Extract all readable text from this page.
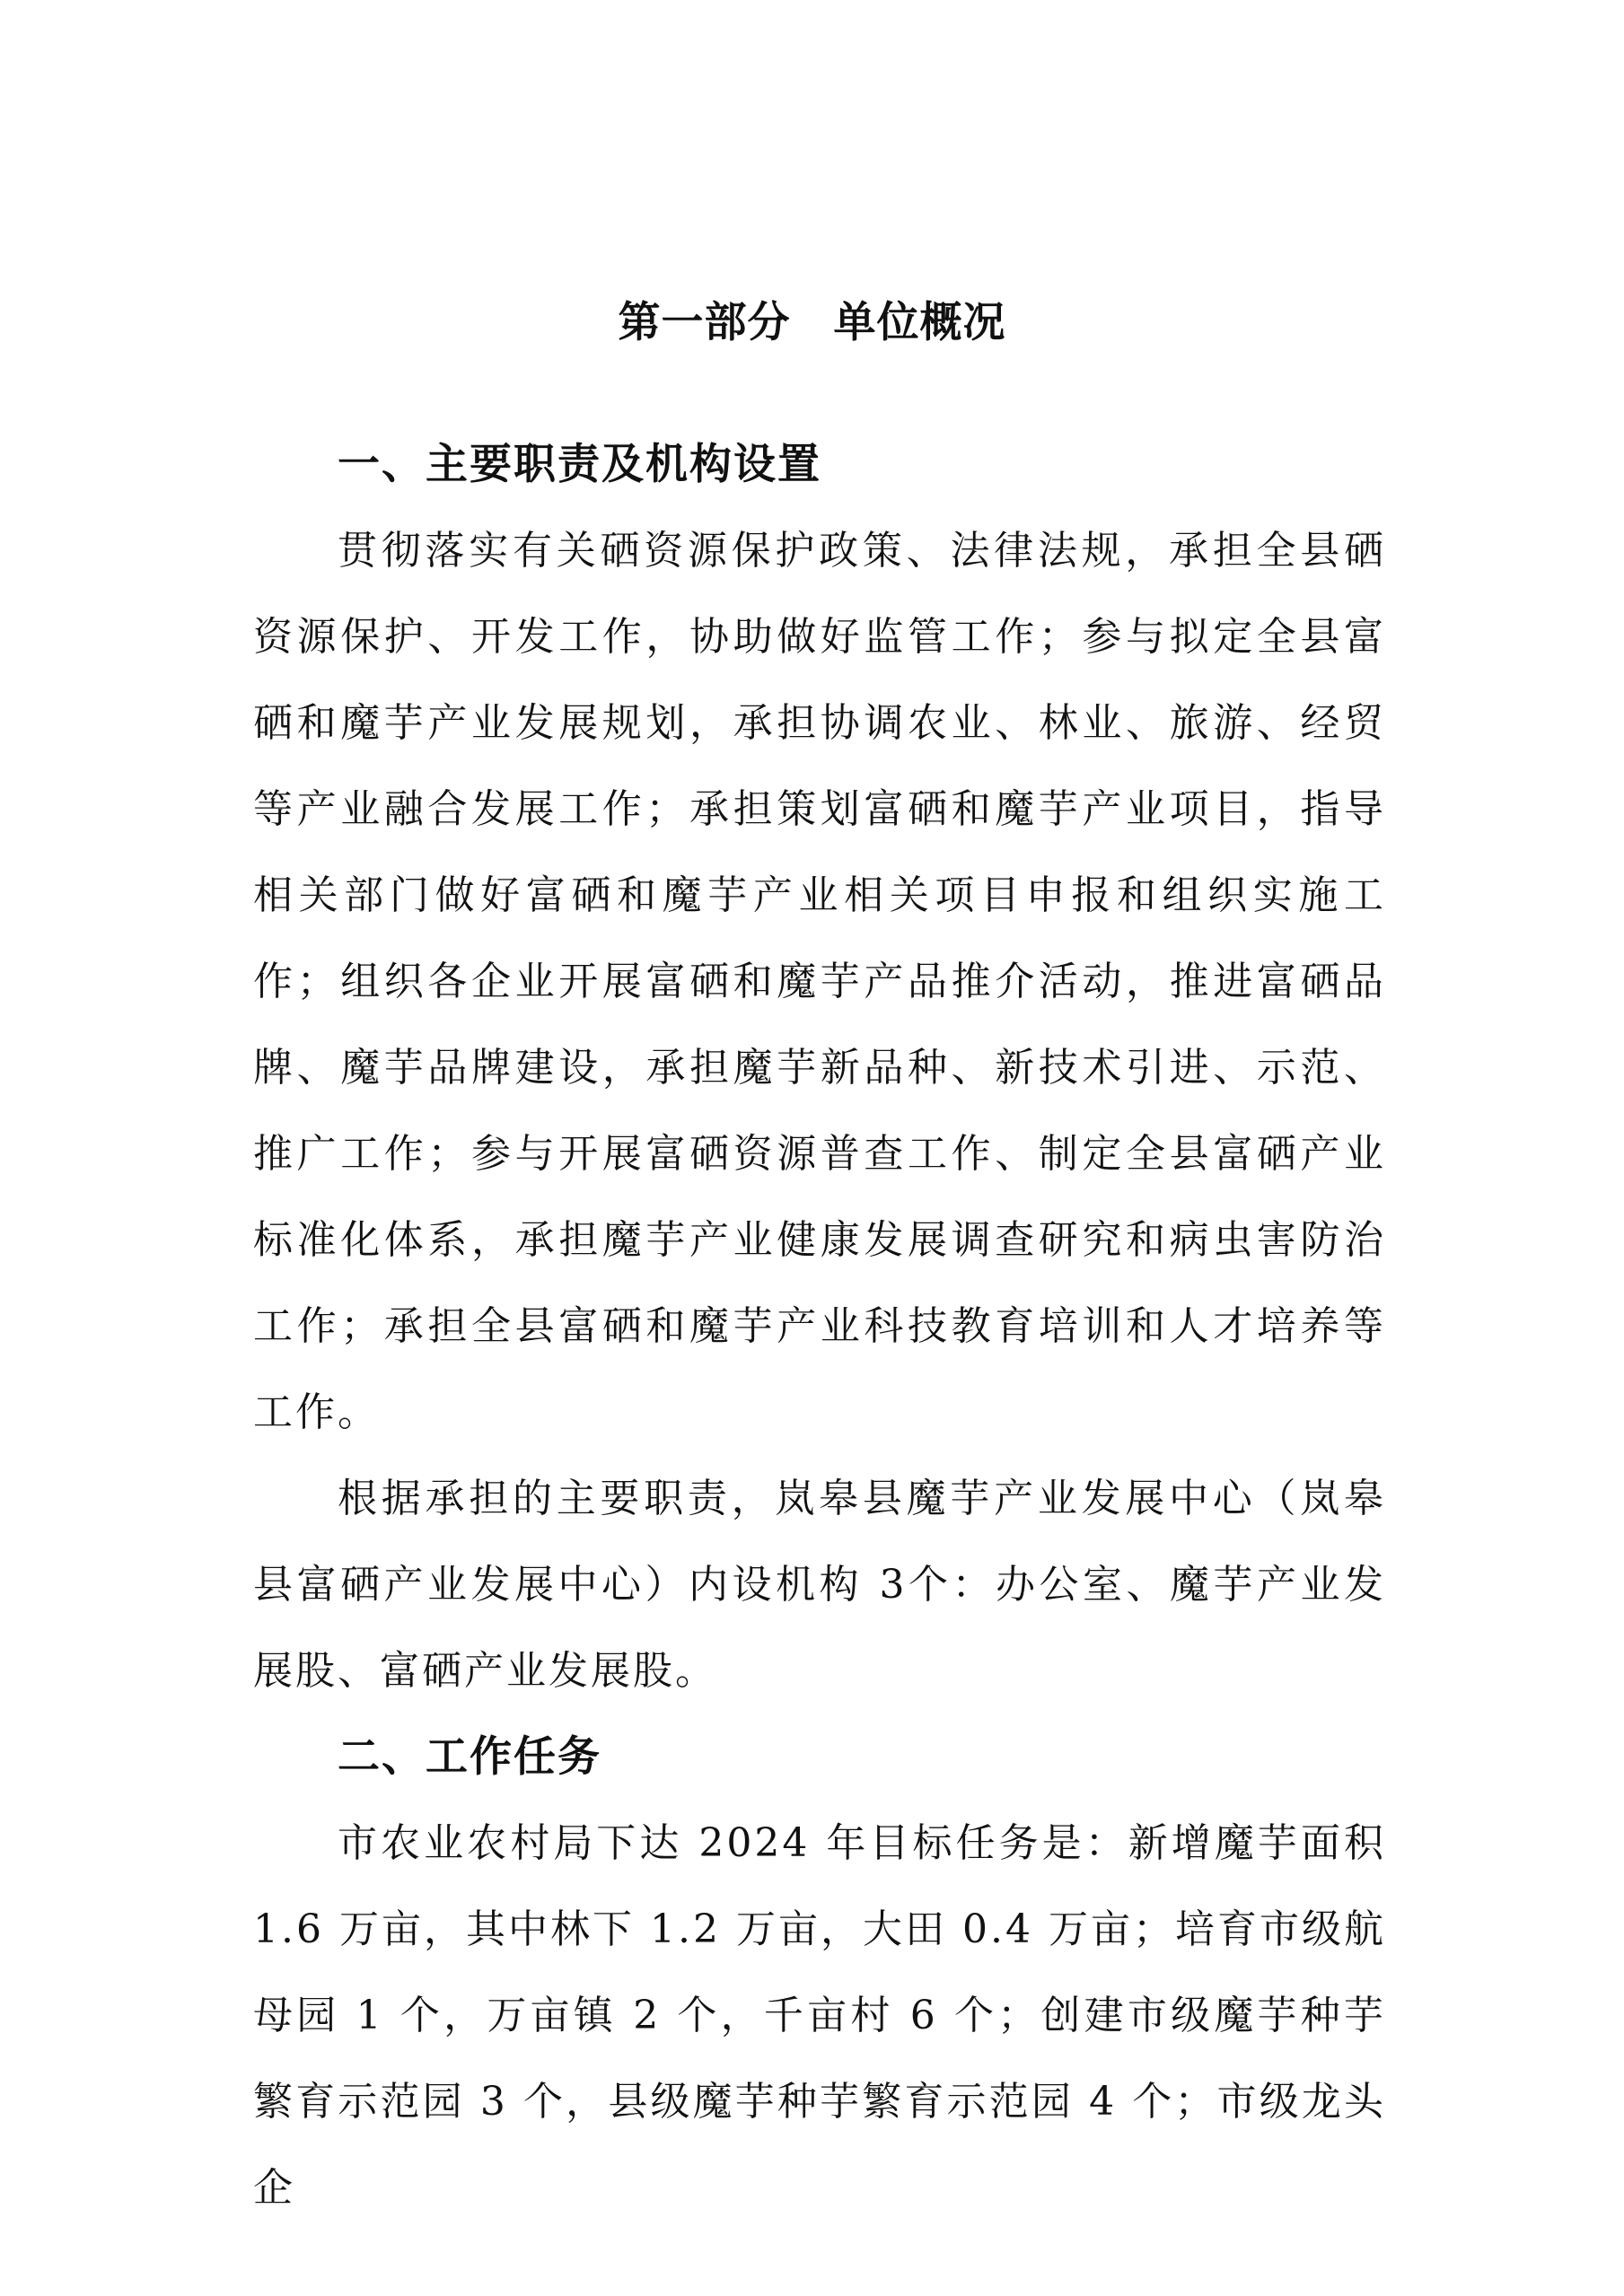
第一部分　单位概况
一、主要职责及机构设置

贯彻落实有关硒资源保护政策、法律法规，承担全县硒资源保护、开发工作，协助做好监管工作；参与拟定全县富硒和魔芋产业发展规划，承担协调农业、林业、旅游、经贸等产业融合发展工作；承担策划富硒和魔芋产业项目，指导相关部门做好富硒和魔芋产业相关项目申报和组织实施工作；组织各企业开展富硒和魔芋产品推介活动，推进富硒品牌、魔芋品牌建设，承担魔芋新品种、新技术引进、示范、推广工作；参与开展富硒资源普查工作、制定全县富硒产业标准化体系，承担魔芋产业健康发展调查研究和病虫害防治工作；承担全县富硒和魔芋产业科技教育培训和人才培养等工作。

根据承担的主要职责，岚皋县魔芋产业发展中心（岚皋县富硒产业发展中心）内设机构 3个：办公室、魔芋产业发展股、富硒产业发展股。

二、工作任务

市农业农村局下达 2024 年目标任务是：新增魔芋面积 1.6 万亩，其中林下 1.2 万亩，大田 0.4 万亩；培育市级航母园 1 个，万亩镇 2 个，千亩村 6 个；创建市级魔芋种芋繁育示范园 3 个，县级魔芋种芋繁育示范园 4 个；市级龙头企
